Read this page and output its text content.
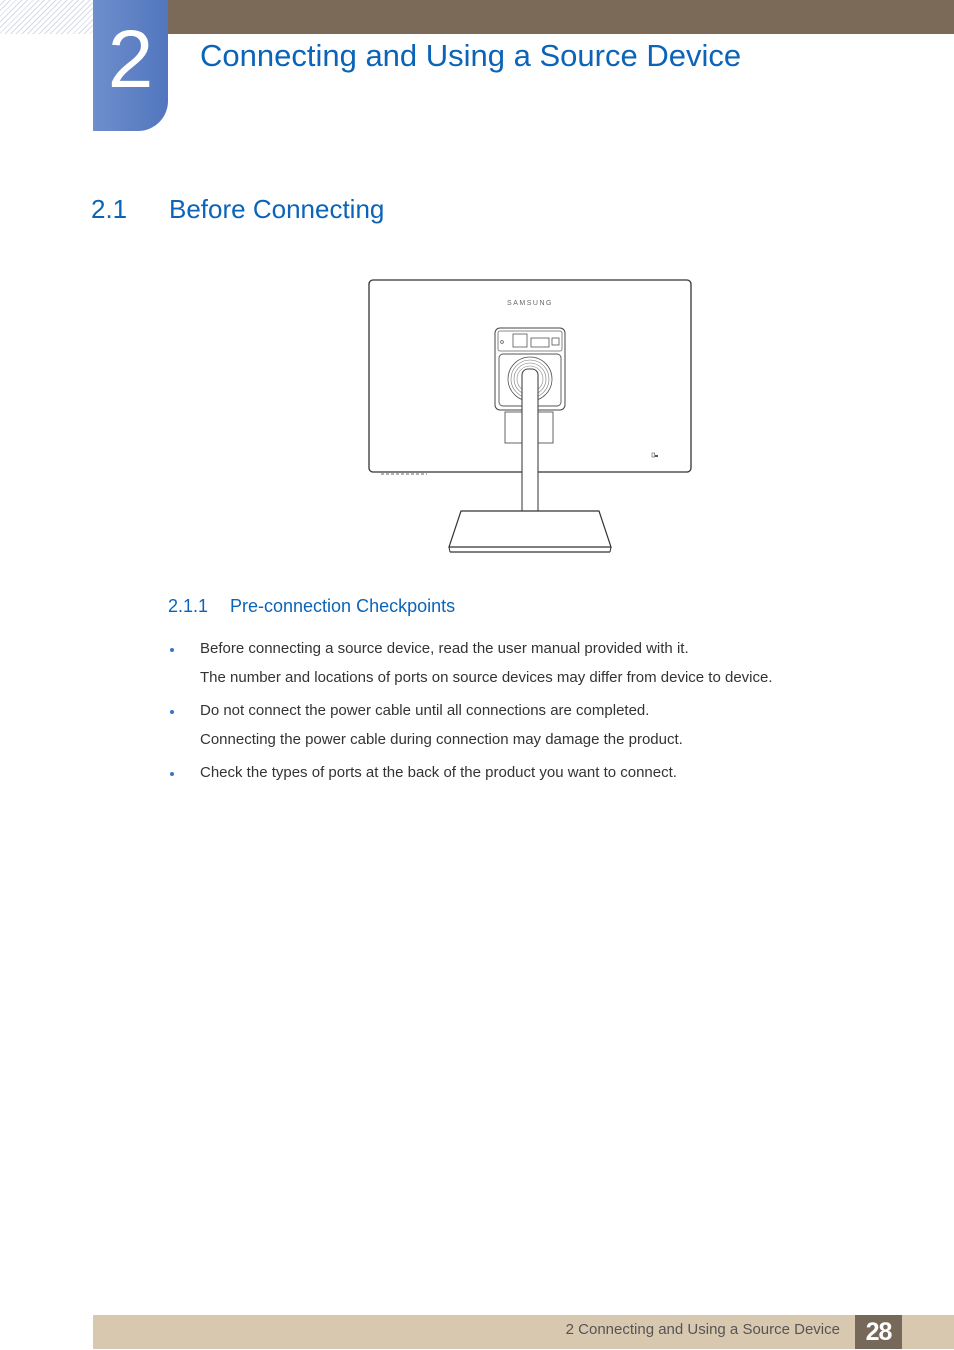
2	Connecting and Using a Source Device
2.1 Before Connecting
SAMSUNG
2.1.1 Pre-connection Checkpoints
Before connecting a source device, read the user manual provided with it.
The number and locations of ports on source devices may differ from device to device.
Do not connect the power cable until all connections are completed.
Connecting the power cable during connection may damage the product.
Check the types of ports at the back of the product you want to connect.
2 Connecting and Using a Source Device	28
